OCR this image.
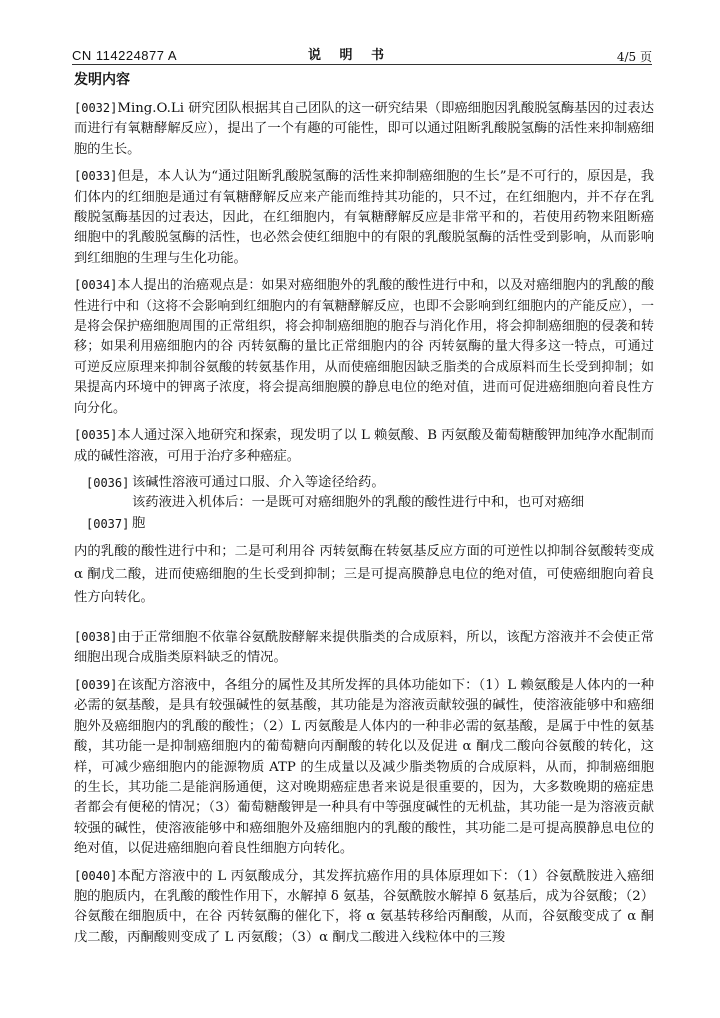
CN 114224877 A	说 明 书	4/5 页
发明内容

[0032]Ming.O.Li 研究团队根据其自己团队的这一研究结果（即癌细胞因乳酸脱氢酶基因的过表达而进行有氧糖酵解反应），提出了一个有趣的可能性，即可以通过阻断乳酸脱氢酶的活性来抑制癌细胞的生长。

[0033]但是，本人认为“通过阻断乳酸脱氢酶的活性来抑制癌细胞的生长”是不可行的，原因是，我们体内的红细胞是通过有氧糖酵解反应来产能而维持其功能的，只不过，在红细胞内，并不存在乳酸脱氢酶基因的过表达，因此，在红细胞内，有氧糖酵解反应是非常平和的，若使用药物来阻断癌细胞中的乳酸脱氢酶的活性，也必然会使红细胞中的有限的乳酸脱氢酶的活性受到影响，从而影响到红细胞的生理与生化功能。

[0034]本人提出的治癌观点是：如果对癌细胞外的乳酸的酸性进行中和，以及对癌细胞内的乳酸的酸性进行中和（这将不会影响到红细胞内的有氧糖酵解反应，也即不会影响到红细胞内的产能反应），一是将会保护癌细胞周围的正常组织，将会抑制癌细胞的胞吞与消化作用，将会抑制癌细胞的侵袭和转移；如果利用癌细胞内的谷 丙转氨酶的量比正常细胞内的谷 丙转氨酶的量大得多这一特点，可通过可逆反应原理来抑制谷氨酸的转氨基作用，从而使癌细胞因缺乏脂类的合成原料而生长受到抑制；如果提高内环境中的钾离子浓度，将会提高细胞膜的静息电位的绝对值，进而可促进癌细胞向着良性方向分化。

[0035]本人通过深入地研究和探索，现发明了以 L 赖氨酸、B 丙氨酸及葡萄糖酸钾加纯净水配制而成的碱性溶液，可用于治疗多种癌症。

[0036] 该碱性溶液可通过口服、介入等途径给药。
该药液进入机体后：一是既可对癌细胞外的乳酸的酸性进行中和，也可对癌细
[0037] 胞

内的乳酸的酸性进行中和；二是可利用谷 丙转氨酶在转氨基反应方面的可逆性以抑制谷氨酸转变成α 酮戊二酸，进而使癌细胞的生长受到抑制；三是可提高膜静息电位的绝对值，可使癌细胞向着良性方向转化。

[0038]由于正常细胞不依靠谷氨酰胺酵解来提供脂类的合成原料，所以，该配方溶液并不会使正常细胞出现合成脂类原料缺乏的情况。

[0039]在该配方溶液中，各组分的属性及其所发挥的具体功能如下：（1）L 赖氨酸是人体内的一种必需的氨基酸，是具有较强碱性的氨基酸，其功能是为溶液贡献较强的碱性，使溶液能够中和癌细胞外及癌细胞内的乳酸的酸性；（2）L 丙氨酸是人体内的一种非必需的氨基酸，是属于中性的氨基酸，其功能一是抑制癌细胞内的葡萄糖向丙酮酸的转化以及促进 α 酮戊二酸向谷氨酸的转化，这样，可减少癌细胞内的能源物质 ATP 的生成量以及减少脂类物质的合成原料，从而，抑制癌细胞的生长，其功能二是能润肠通便，这对晚期癌症患者来说是很重要的，因为，大多数晚期的癌症患者都会有便秘的情况；（3）葡萄糖酸钾是一种具有中等强度碱性的无机盐，其功能一是为溶液贡献较强的碱性，使溶液能够中和癌细胞外及癌细胞内的乳酸的酸性，其功能二是可提高膜静息电位的绝对值，以促进癌细胞向着良性细胞方向转化。

[0040]本配方溶液中的 L 丙氨酸成分，其发挥抗癌作用的具体原理如下：（1）谷氨酰胺进入癌细胞的胞质内，在乳酸的酸性作用下，水解掉 δ 氨基，谷氨酰胺水解掉 δ 氨基后，成为谷氨酸；（2）谷氨酸在细胞质中，在谷 丙转氨酶的催化下，将 α 氨基转移给丙酮酸，从而，谷氨酸变成了 α 酮戊二酸，丙酮酸则变成了 L 丙氨酸；（3）α 酮戊二酸进入线粒体中的三羧
